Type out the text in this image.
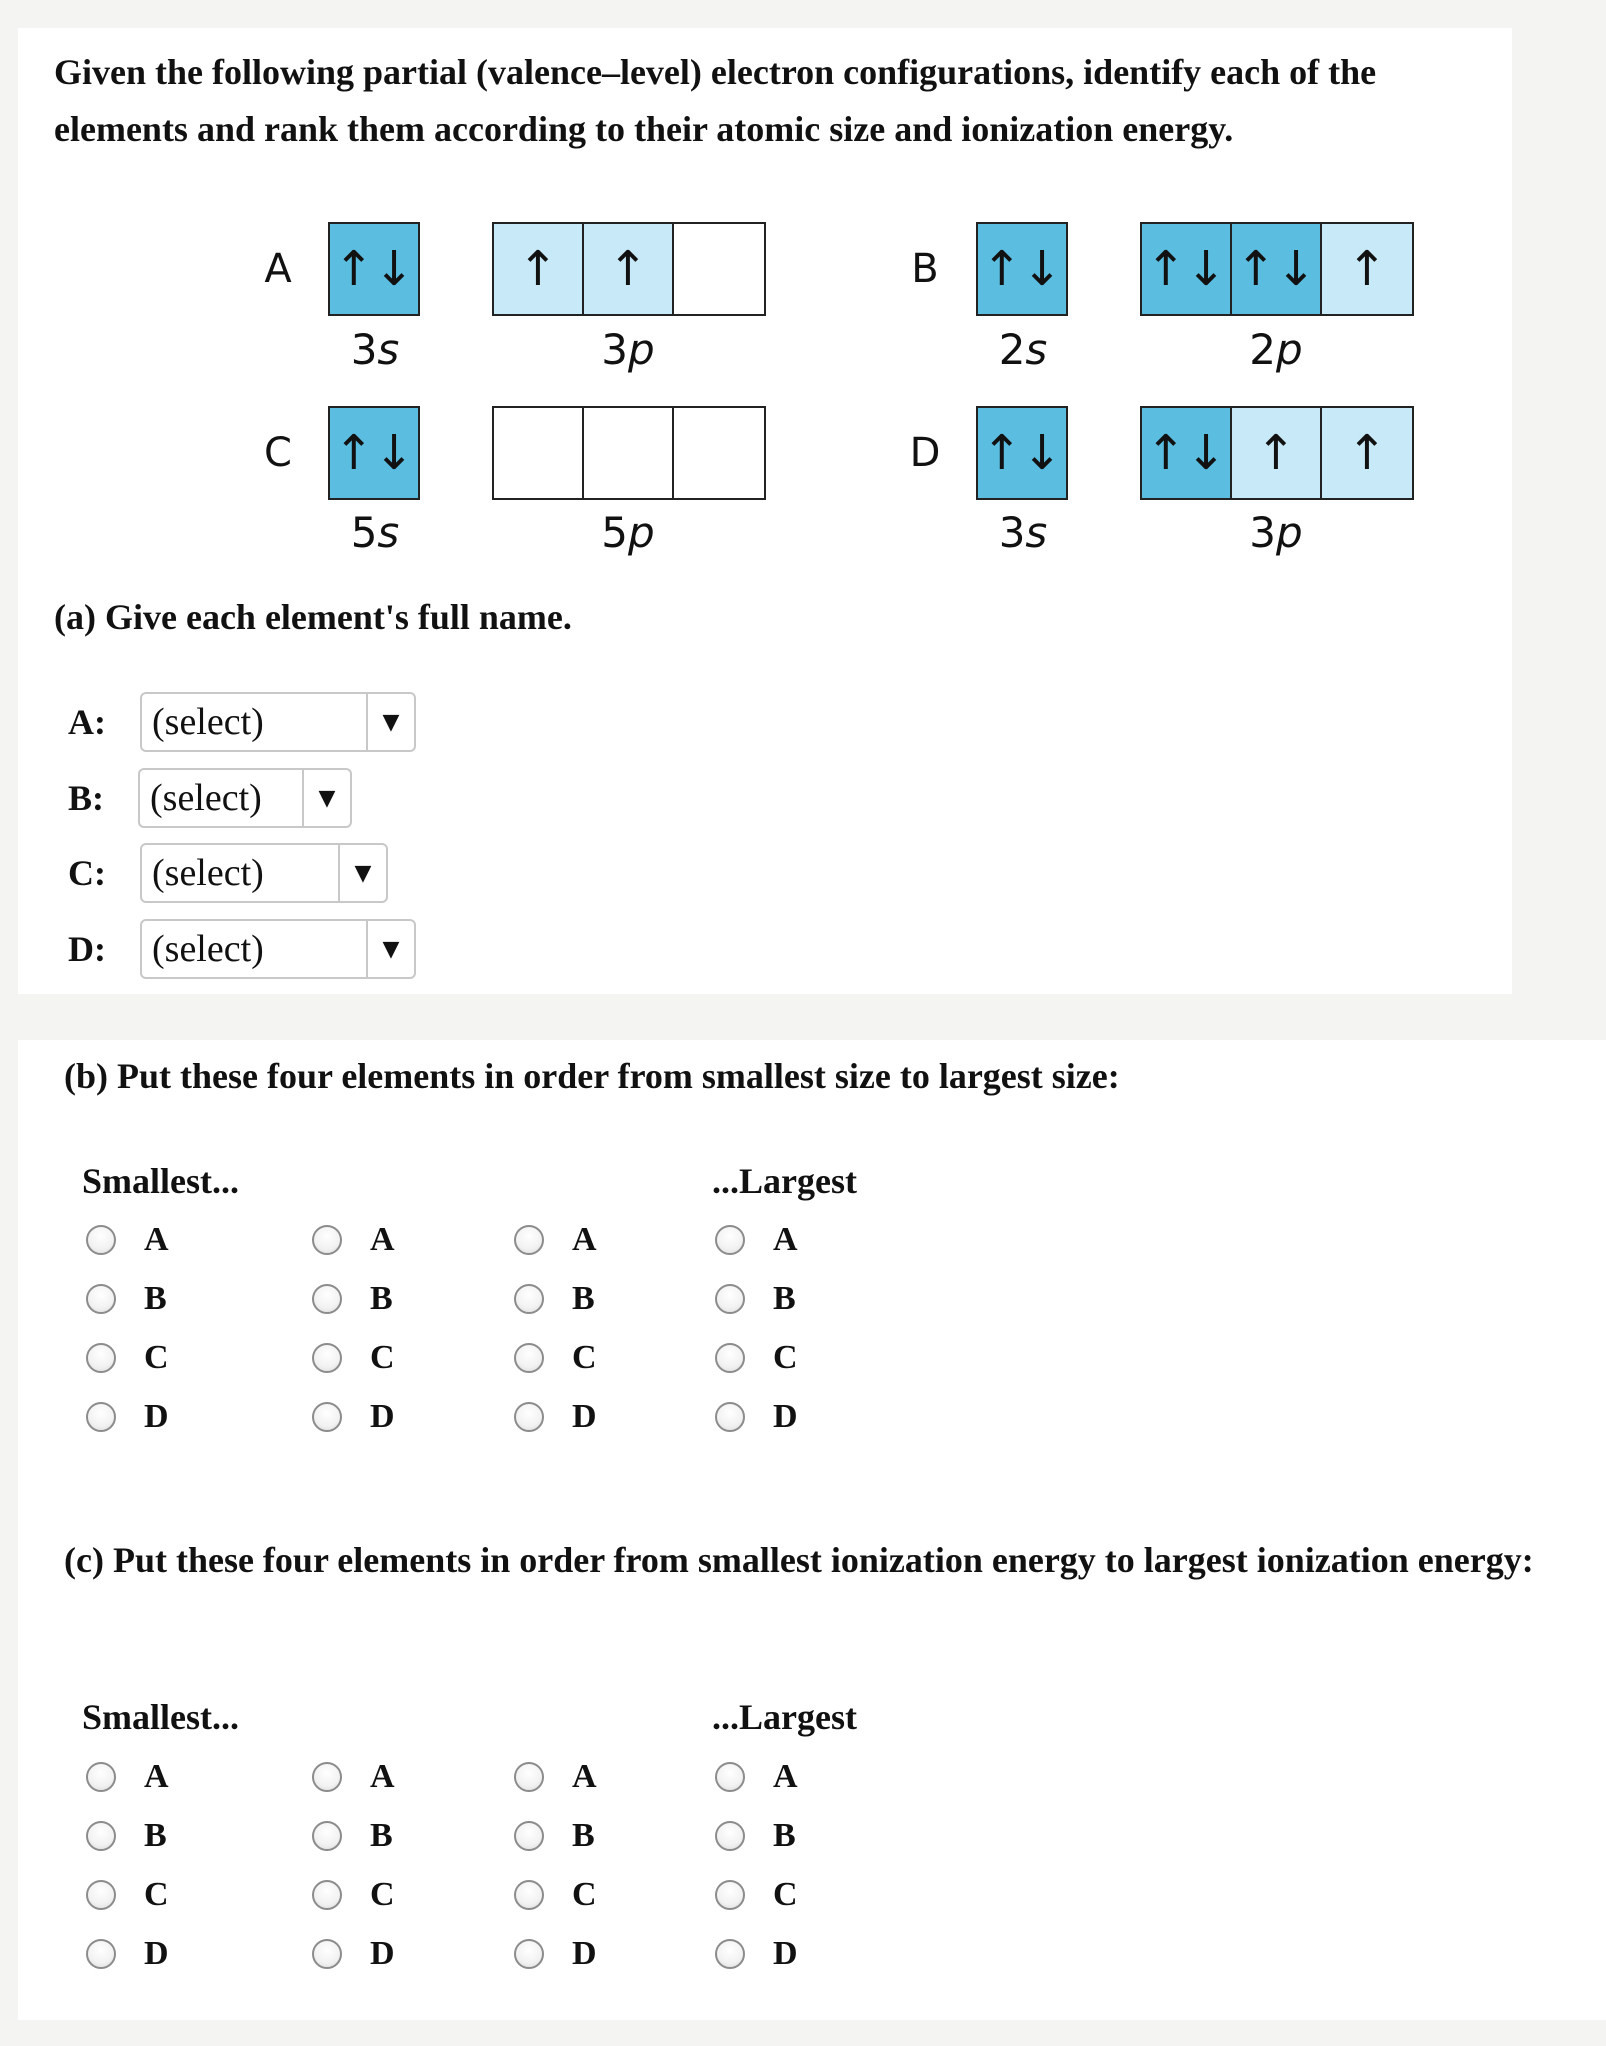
Given the following partial (valence–level) electron configurations, identify each of the elements and rank them according to their atomic size and ionization energy.

A ↑↓	↑	↑
3s	3p
B ↑↓ ↑↓ ↑↓ ↑
2s	2p
C ↑↓
5s	5p
D ↑↓ ↑↓ ↑	↑
3s	3p

(a) Give each element's full name.

A:	(select)	▼
B:	(select)	▼
C:	(select)	▼
D:	(select)	▼

(b) Put these four elements in order from smallest size to largest size:

Smallest...	...Largest
A
B
C
D
A
B
C
D
A
B
C
D
A
B
C
D

(c) Put these four elements in order from smallest ionization energy to largest ionization energy:

Smallest...	...Largest
A
B
C
D
A
B
C
D
A
B
C
D
A
B
C
D
